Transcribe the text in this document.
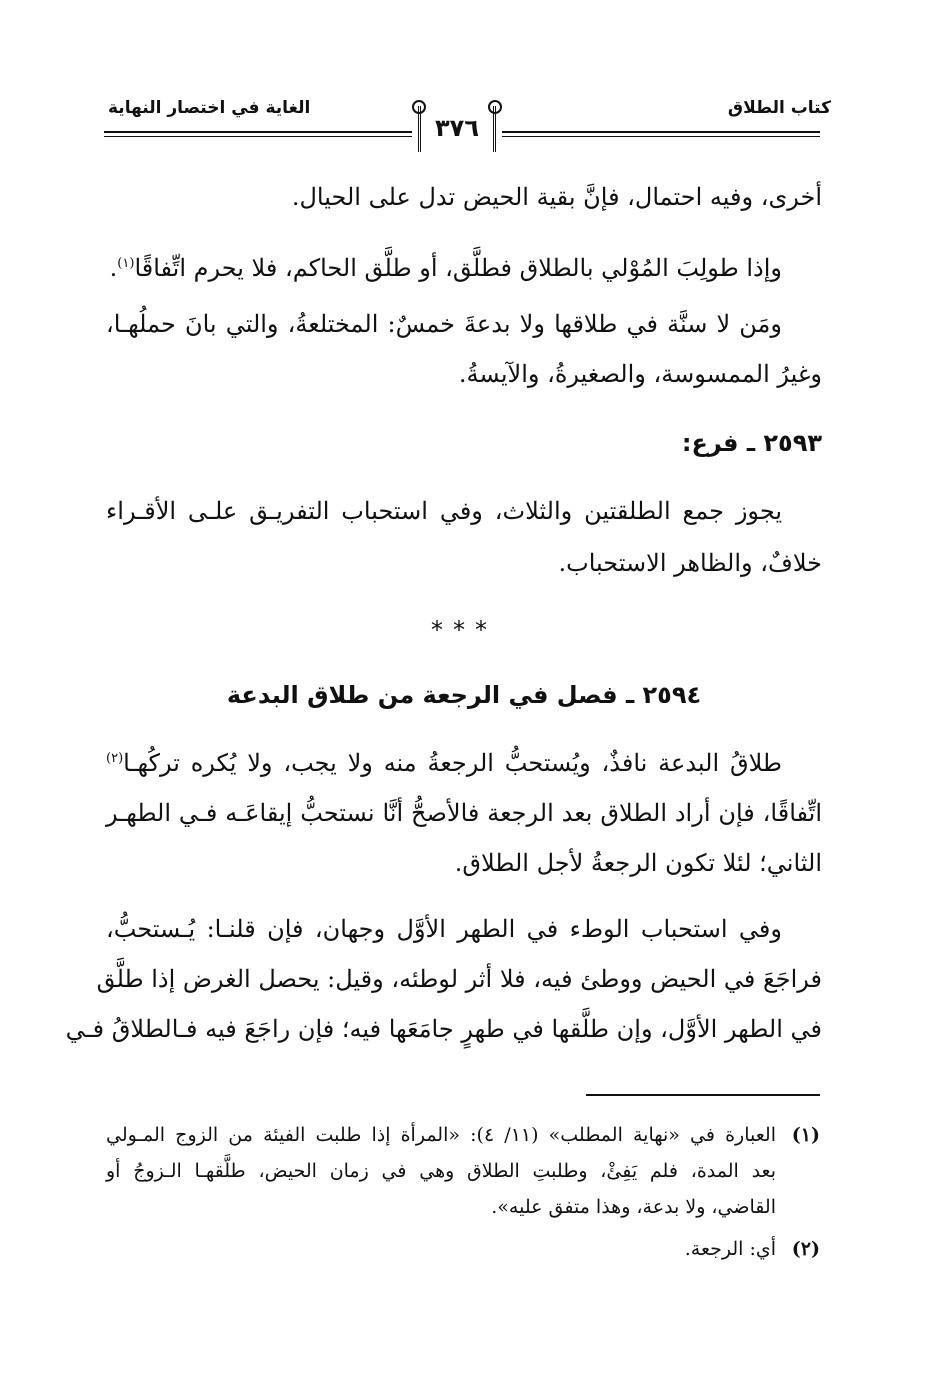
كتاب الطلاق
الغاية في اختصار النهاية
٣٧٦
أخرى، وفيه احتمال، فإنَّ بقية الحيض تدل على الحيال.
وإذا طولِبَ المُوْلي بالطلاق فطلَّق، أو طلَّق الحاكم، فلا يحرم اتِّفاقًا$^{(١)}$.
ومَن لا سنَّة في طلاقها ولا بدعةَ خمسٌ: المختلعةُ، والتي بانَ حملُهـا،
وغيرُ الممسوسة، والصغيرةُ، والآيسةُ.
٢٥٩٣ ـ فرع:
يجوز جمع الطلقتين والثلاث، وفي استحباب التفريـق علـى الأقـراء
خلافٌ، والظاهر الاستحباب.
***
٢٥٩٤ ـ فصل في الرجعة من طلاق البدعة
طلاقُ البدعة نافذٌ، ويُستحبُّ الرجعةُ منه ولا يجب، ولا يُكره تركُهـا$^{(٢)}$
اتِّفاقًا، فإن أراد الطلاق بعد الرجعة فالأصحُّ أنَّا نستحبُّ إيقاعَـه فـي الطهـر
الثاني؛ لئلا تكون الرجعةُ لأجل الطلاق.
وفي استحباب الوطء في الطهر الأوَّل وجهان، فإن قلنـا: يُـستحبُّ،
فراجَعَ في الحيض ووطئ فيه، فلا أثر لوطئه، وقيل: يحصل الغرض إذا طلَّق
في الطهر الأوَّل، وإن طلَّقها في طهرٍ جامَعَها فيه؛ فإن راجَعَ فيه فـالطلاقُ فـي
(١)العبارة في «نهاية المطلب» (١١/ ٤): «المرأة إذا طلبت الفيئة من الزوج المـولي
بعد المدة، فلم يَفِئْ، وطلبتِ الطلاق وهي في زمان الحيض، طلَّقهـا الـزوجُ أو
القاضي، ولا بدعة، وهذا متفق عليه».
(٢)أي: الرجعة.
